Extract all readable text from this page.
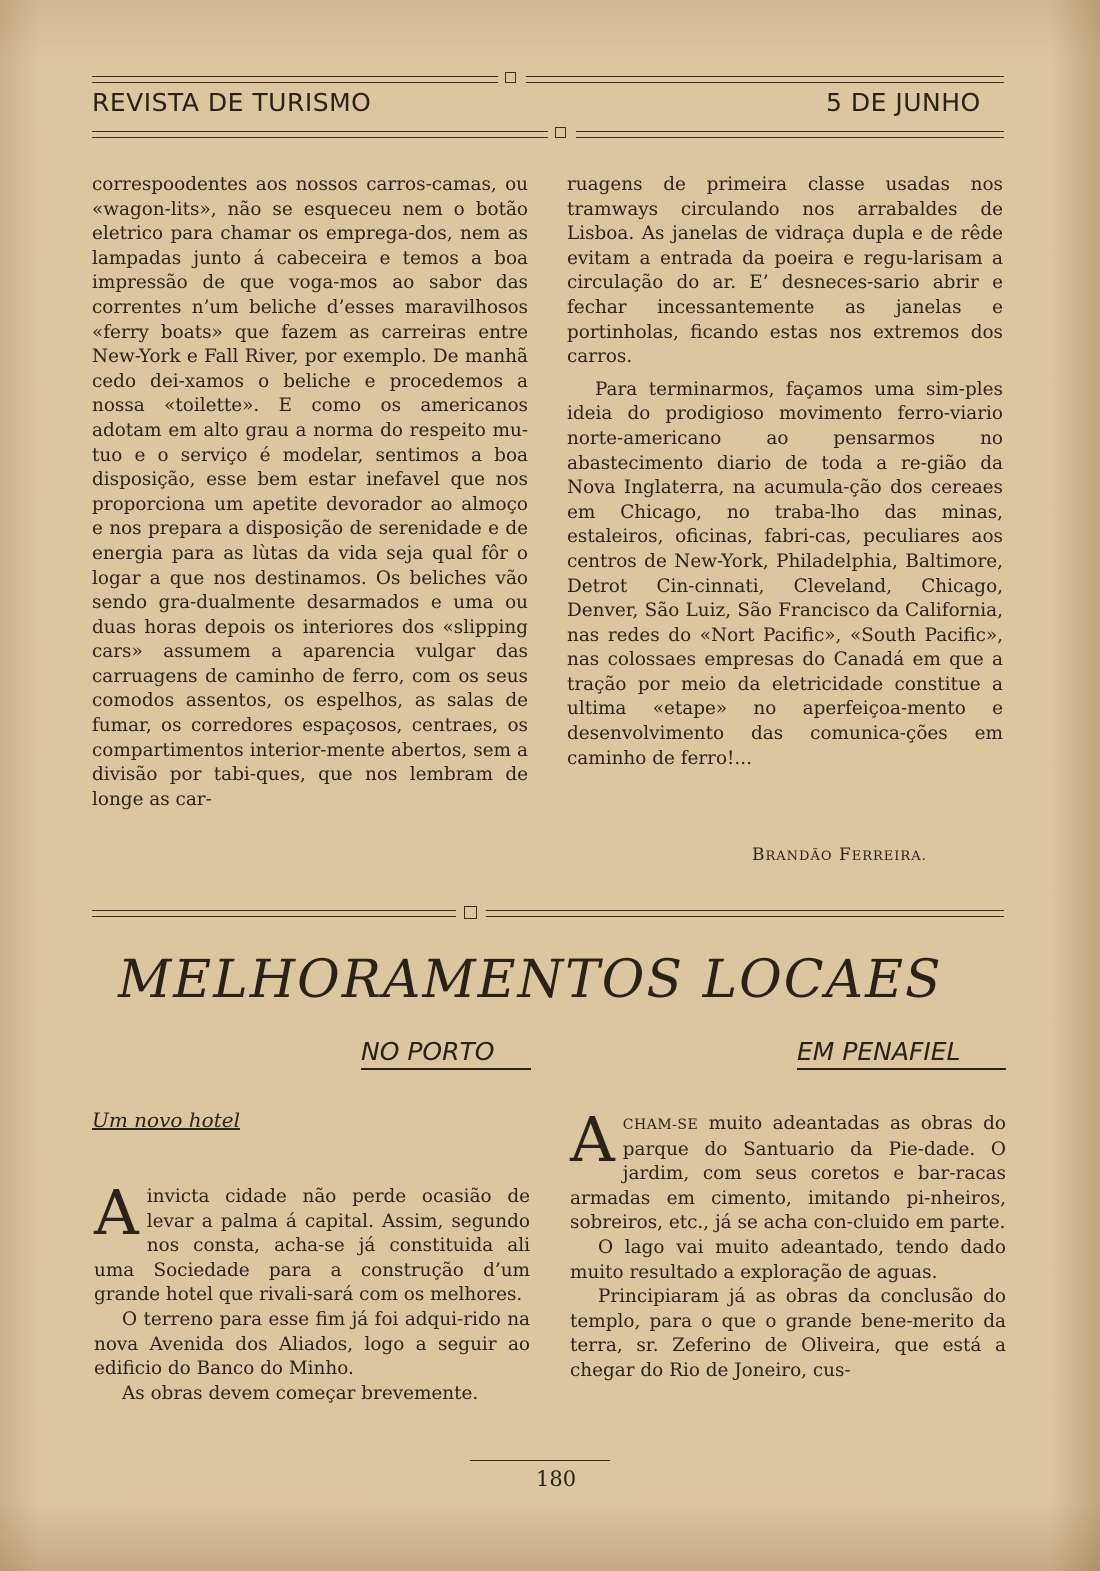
REVISTA DE TURISMO	5 DE JUNHO

correspoodentes aos nossos carros-camas, ou «wagon-lits», não se esqueceu nem o botão eletrico para chamar os emprega-dos, nem as lampadas junto á cabeceira e temos a boa impressão de que voga-mos ao sabor das correntes n’um beliche d’esses maravilhosos «ferry boats» que fazem as carreiras entre New-York e Fall River, por exemplo. De manhã cedo dei-xamos o beliche e procedemos a nossa «toilette». E como os americanos adotam em alto grau a norma do respeito mu-tuo e o serviço é modelar, sentimos a boa disposição, esse bem estar inefavel que nos proporciona um apetite devorador ao almoço e nos prepara a disposição de serenidade e de energia para as lùtas da vida seja qual fôr o logar a que nos destinamos. Os beliches vão sendo gra-dualmente desarmados e uma ou duas horas depois os interiores dos «slipping cars» assumem a aparencia vulgar das carruagens de caminho de ferro, com os seus comodos assentos, os espelhos, as salas de fumar, os corredores espaçosos, centraes, os compartimentos interior-mente abertos, sem a divisão por tabi-ques, que nos lembram de longe as car-

ruagens de primeira classe usadas nos tramways circulando nos arrabaldes de Lisboa. As janelas de vidraça dupla e de rêde evitam a entrada da poeira e regu-larisam a circulação do ar. E’ desneces-sario abrir e fechar incessantemente as janelas e portinholas, ficando estas nos extremos dos carros.

Para terminarmos, façamos uma sim-ples ideia do prodigioso movimento ferro-viario norte-americano ao pensarmos no abastecimento diario de toda a re-gião da Nova Inglaterra, na acumula-ção dos cereaes em Chicago, no traba-lho das minas, estaleiros, oficinas, fabri-cas, peculiares aos centros de New-York, Philadelphia, Baltimore, Detrot Cin-cinnati, Cleveland, Chicago, Denver, São Luiz, São Francisco da California, nas redes do «Nort Pacific», «South Pacific», nas colossaes empresas do Canadá em que a tração por meio da eletricidade constitue a ultima «etape» no aperfeiçoa-mento e desenvolvimento das comunica-ções em caminho de ferro!...

BRANDÃO FERREIRA.
MELHORAMENTOS LOCAES
NO PORTO	EM PENAFIEL
Um novo hotel

Ainvicta cidade não perde ocasião de levar a palma á capital. Assim, segundo nos consta, acha-se já constituida ali uma Sociedade para a construção d’um grande hotel que rivali-sará com os melhores.

O terreno para esse fim já foi adqui-rido na nova Avenida dos Aliados, logo a seguir ao edificio do Banco do Minho.

As obras devem começar brevemente.

ACHAM-SE muito adeantadas as obras do parque do Santuario da Pie-dade. O jardim, com seus coretos e bar-racas armadas em cimento, imitando pi-nheiros, sobreiros, etc., já se acha con-cluido em parte.

O lago vai muito adeantado, tendo dado muito resultado a exploração de aguas.

Principiaram já as obras da conclusão do templo, para o que o grande bene-merito da terra, sr. Zeferino de Oliveira, que está a chegar do Rio de Joneiro, cus-

180
